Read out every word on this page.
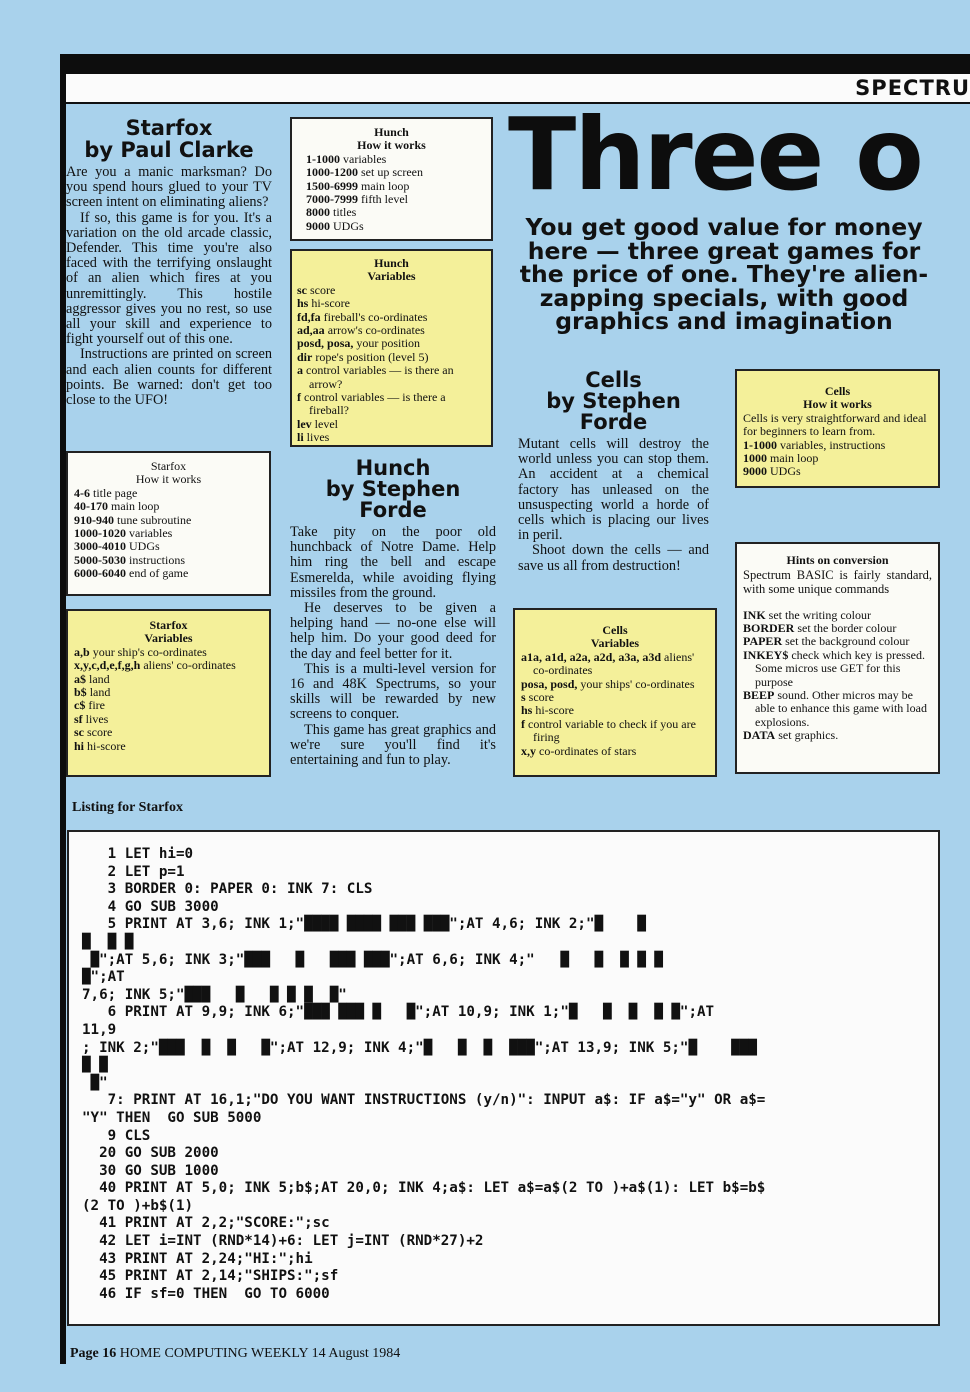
SPECTRU
Three o
You get good value for money here — three great games for the price of one. They're alien-zapping specials, with good graphics and imagination
Starfox
by Paul Clarke

Are you a manic marksman? Do you spend hours glued to your TV screen intent on eliminating aliens?

If so, this game is for you. It's a variation on the old arcade classic, Defender. This time you're also faced with the terrifying onslaught of an alien which fires at you unremittingly. This hostile aggressor gives you no rest, so use all your skill and experience to fight yourself out of this one.

Instructions are printed on screen and each alien counts for different points. Be warned: don't get too close to the UFO!

Starfox
How it works
4-6 title page
40-170 main loop
910-940 tune subroutine
1000-1020 variables
3000-4010 UDGs
5000-5030 instructions
6000-6040 end of game
Starfox
Variables
a,b your ship's co-ordinates
x,y,c,d,e,f,g,h aliens' co-ordinates
a$ land
b$ land
c$ fire
sf lives
sc score
hi hi-score
Hunch
How it works
1-1000 variables
1000-1200 set up screen
1500-6999 main loop
7000-7999 fifth level
8000 titles
9000 UDGs
Hunch
Variables
sc score
hs hi-score
fd,fa fireball's co-ordinates
ad,aa arrow's co-ordinates
posd, posa, your position
dir rope's position (level 5)
a control variables — is there an arrow?
f control variables — is there a fireball?
lev level
li lives
Hunch
by Stephen
Forde

Take pity on the poor old hunchback of Notre Dame. Help him ring the bell and escape Esmerelda, while avoiding flying missiles from the ground.

He deserves to be given a helping hand — no-one else will help him. Do your good deed for the day and feel better for it.

This is a multi-level version for 16 and 48K Spectrums, so your skills will be rewarded by new screens to conquer.

This game has great graphics and we're sure you'll find it's entertaining and fun to play.

Cells
by Stephen
Forde

Mutant cells will destroy the world unless you can stop them. An accident at a chemical factory has unleased on the unsuspecting world a horde of cells which is placing our lives in peril.

Shoot down the cells — and save us all from destruction!

Cells
Variables
a1a, a1d, a2a, a2d, a3a, a3d aliens' co-ordinates
posa, posd, your ships' co-ordinates
s score
hs hi-score
f control variable to check if you are firing
x,y co-ordinates of stars
Cells
How it works
Cells is very straightforward and ideal for beginners to learn from.
1-1000 variables, instructions
1000 main loop
9000 UDGs
Hints on conversion
Spectrum BASIC is fairly standard, with some unique commands
INK set the writing colour
BORDER set the border colour
PAPER set the background colour
INKEY$ check which key is pressed. Some micros use GET for this purpose
BEEP sound. Other micros may be able to enhance this game with load explosions.
DATA set graphics.
Listing for Starfox
1 LET hi=0
2 LET p=1
3 BORDER 0: PAPER 0: INK 7: CLS
4 GO SUB 3000
5 PRINT AT 3,6; INK 1;"████ ████ ███ ███";AT 4,6; INK 2;"█    █
█  █ █
█";AT 5,6; INK 3;"███   █   ███ ███";AT 6,6; INK 4;"   █   █  █ █ █
█";AT
7,6; INK 5;"███   █   █ █ █  █"
6 PRINT AT 9,9; INK 6;"███ ███ █   █";AT 10,9; INK 1;"█   █  █  █ █";AT
11,9
; INK 2;"███  █  █   █";AT 12,9; INK 4;"█   █  █  ███";AT 13,9; INK 5;"█    ███
█ █
█"
7: PRINT AT 16,1;"DO YOU WANT INSTRUCTIONS (y/n)": INPUT a$: IF a$="y" OR a$=
"Y" THEN  GO SUB 5000
9 CLS
20 GO SUB 2000
30 GO SUB 1000
40 PRINT AT 5,0; INK 5;b$;AT 20,0; INK 4;a$: LET a$=a$(2 TO )+a$(1): LET b$=b$
(2 TO )+b$(1)
41 PRINT AT 2,2;"SCORE:";sc
42 LET i=INT (RND*14)+6: LET j=INT (RND*27)+2
43 PRINT AT 2,24;"HI:";hi
45 PRINT AT 2,14;"SHIPS:";sf
46 IF sf=0 THEN  GO TO 6000
Page 16 HOME COMPUTING WEEKLY 14 August 1984
